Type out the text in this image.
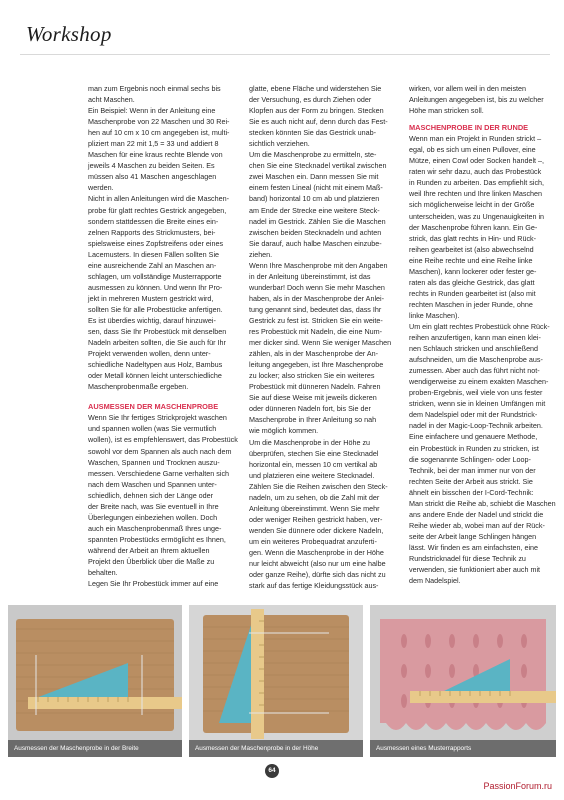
Workshop

man zum Ergebnis noch einmal sechs bis
acht Maschen.
Ein Beispiel: Wenn in der Anleitung eine
Maschenprobe von 22 Maschen und 30 Rei-
hen auf 10 cm x 10 cm angegeben ist, multi-
pliziert man 22 mit 1,5 = 33 und addiert 8
Maschen für eine kraus rechte Blende von
jeweils 4 Maschen zu beiden Seiten. Es
müssen also 41 Maschen angeschlagen
werden.
Nicht in allen Anleitungen wird die Maschen-
probe für glatt rechtes Gestrick angegeben,
sondern stattdessen die Breite eines ein-
zelnen Rapports des Strickmusters, bei-
spielsweise eines Zopfstreifens oder eines
Lacemusters. In diesen Fällen sollten Sie
eine ausreichende Zahl an Maschen an-
schlagen, um vollständige Musterrapporte
ausmessen zu können. Und wenn Ihr Pro-
jekt in mehreren Mustern gestrickt wird,
sollten Sie für alle Probestücke anfertigen.
Es ist überdies wichtig, darauf hinzuwei-
sen, dass Sie Ihr Probestück mit denselben
Nadeln arbeiten sollten, die Sie auch für Ihr
Projekt verwenden wollen, denn unter-
schiedliche Nadeltypen aus Holz, Bambus
oder Metall können leicht unterschiedliche
Maschenprobenmaße ergeben.

AUSMESSEN DER MASCHENPROBE

Wenn Sie Ihr fertiges Strickprojekt waschen
und spannen wollen (was Sie vermutlich
wollen), ist es empfehlenswert, das Probestück
sowohl vor dem Spannen als auch nach dem
Waschen, Spannen und Trocknen auszu-
messen. Verschiedene Garne verhalten sich
nach dem Waschen und Spannen unter-
schiedlich, dehnen sich der Länge oder
der Breite nach, was Sie eventuell in Ihre
Überlegungen einbeziehen wollen. Doch
auch ein Maschenprobenmaß Ihres unge-
spannten Probestücks ermöglicht es Ihnen,
während der Arbeit an Ihrem aktuellen
Projekt den Überblick über die Maße zu
behalten.
Legen Sie Ihr Probestück immer auf eine

glatte, ebene Fläche und widerstehen Sie
der Versuchung, es durch Ziehen oder
Klopfen aus der Form zu bringen. Stecken
Sie es auch nicht auf, denn durch das Fest-
stecken könnten Sie das Gestrick unab-
sichtlich verziehen.
Um die Maschenprobe zu ermitteln, ste-
chen Sie eine Stecknadel vertikal zwischen
zwei Maschen ein. Dann messen Sie mit
einem festen Lineal (nicht mit einem Maß-
band) horizontal 10 cm ab und platzieren
am Ende der Strecke eine weitere Steck-
nadel im Gestrick. Zählen Sie die Maschen
zwischen beiden Stecknadeln und achten
Sie darauf, auch halbe Maschen einzube-
ziehen.
Wenn Ihre Maschenprobe mit den Angaben
in der Anleitung übereinstimmt, ist das
wunderbar! Doch wenn Sie mehr Maschen
haben, als in der Maschenprobe der Anlei-
tung genannt sind, bedeutet das, dass Ihr
Gestrick zu fest ist. Stricken Sie ein weite-
res Probestück mit Nadeln, die eine Num-
mer dicker sind. Wenn Sie weniger Maschen
zählen, als in der Maschenprobe der An-
leitung angegeben, ist Ihre Maschenprobe
zu locker; also stricken Sie ein weiteres
Probestück mit dünneren Nadeln. Fahren
Sie auf diese Weise mit jeweils dickeren
oder dünneren Nadeln fort, bis Sie der
Maschenprobe in Ihrer Anleitung so nah
wie möglich kommen.
Um die Maschenprobe in der Höhe zu
überprüfen, stechen Sie eine Stecknadel
horizontal ein, messen 10 cm vertikal ab
und platzieren eine weitere Stecknadel.
Zählen Sie die Reihen zwischen den Steck-
nadeln, um zu sehen, ob die Zahl mit der
Anleitung übereinstimmt. Wenn Sie mehr
oder weniger Reihen gestrickt haben, ver-
wenden Sie dünnere oder dickere Nadeln,
um ein weiteres Probequadrat anzuferti-
gen. Wenn die Maschenprobe in der Höhe
nur leicht abweicht (also nur um eine halbe
oder ganze Reihe), dürfte sich das nicht zu
stark auf das fertige Kleidungsstück aus-

wirken, vor allem weil in den meisten
Anleitungen angegeben ist, bis zu welcher
Höhe man stricken soll.

MASCHENPROBE IN DER RUNDE

Wenn man ein Projekt in Runden strickt –
egal, ob es sich um einen Pullover, eine
Mütze, einen Cowl oder Socken handelt –,
raten wir sehr dazu, auch das Probestück
in Runden zu arbeiten. Das empfiehlt sich,
weil Ihre rechten und Ihre linken Maschen
sich möglicherweise leicht in der Größe
unterscheiden, was zu Ungenauigkeiten in
der Maschenprobe führen kann. Ein Ge-
strick, das glatt rechts in Hin- und Rück-
reihen gearbeitet ist (also abwechselnd
eine Reihe rechte und eine Reihe linke
Maschen), kann lockerer oder fester ge-
raten als das gleiche Gestrick, das glatt
rechts in Runden gearbeitet ist (also mit
rechten Maschen in jeder Runde, ohne
linke Maschen).
Um ein glatt rechtes Probestück ohne Rück-
reihen anzufertigen, kann man einen klei-
nen Schlauch stricken und anschließend
aufschneiden, um die Maschenprobe aus-
zumessen. Aber auch das führt nicht not-
wendigerweise zu einem exakten Maschen-
proben-Ergebnis, weil viele von uns fester
stricken, wenn sie in kleinen Umfängen mit
dem Nadelspiel oder mit der Rundstrick-
nadel in der Magic-Loop-Technik arbeiten.
Eine einfachere und genauere Methode,
ein Probestück in Runden zu stricken, ist
die sogenannte Schlingen- oder Loop-
Technik, bei der man immer nur von der
rechten Seite der Arbeit aus strickt. Sie
ähnelt ein bisschen der I-Cord-Technik:
Man strickt die Reihe ab, schiebt die Maschen
ans andere Ende der Nadel und strickt die
Reihe wieder ab, wobei man auf der Rück-
seite der Arbeit lange Schlingen hängen
lässt. Wir finden es am einfachsten, eine
Rundstricknadel für diese Technik zu
verwenden, sie funktioniert aber auch mit
dem Nadelspiel.

Ausmessen der Maschenprobe in der Breite	Ausmessen der Maschenprobe in der Höhe	Ausmessen eines Musterrapports
64
PassionForum.ru
